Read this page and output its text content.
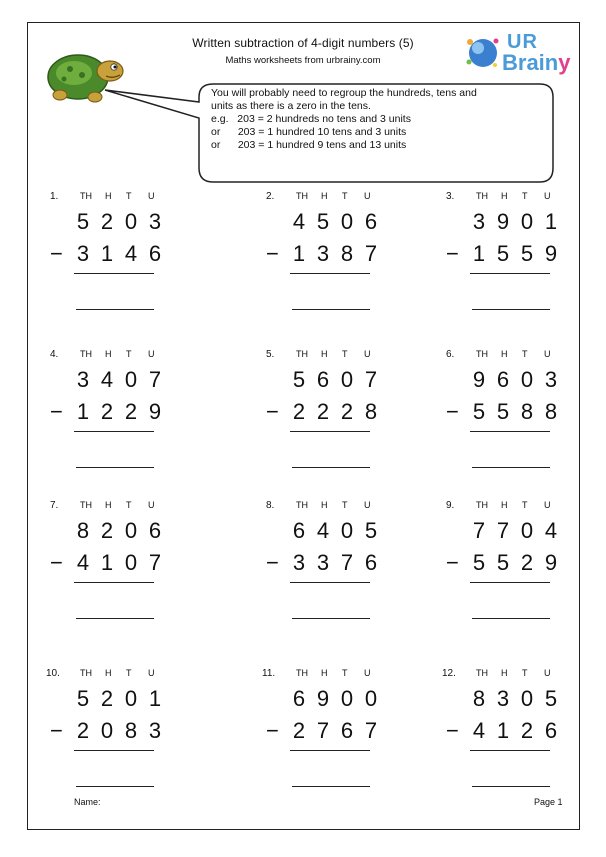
Written subtraction of 4-digit numbers (5)
Maths worksheets from urbrainy.com
UR
Brainy
You will probably need to regroup the hundreds, tens and
units as there is a zero in the tens.
e.g.   203 = 2 hundreds no tens and 3 units
or      203 = 1 hundred 10 tens and 3 units
or      203 = 1 hundred 9 tens and 13 units
1. TH H T U
5 2 0 3
− 3 1 4 6
2. TH H T U
4 5 0 6
− 1 3 8 7
3. TH H T U
3 9 0 1
− 1 5 5 9
4. TH H T U
3 4 0 7
− 1 2 2 9
5. TH H T U
5 6 0 7
− 2 2 2 8
6. TH H T U
9 6 0 3
− 5 5 8 8
7. TH H T U
8 2 0 6
− 4 1 0 7
8. TH H T U
6 4 0 5
− 3 3 7 6
9. TH H T U
7 7 0 4
− 5 5 2 9
10. TH H T U
5 2 0 1
− 2 0 8 3
11. TH H T U
6 9 0 0
− 2 7 6 7
12. TH H T U
8 3 0 5
− 4 1 2 6
Name:	Page 1
